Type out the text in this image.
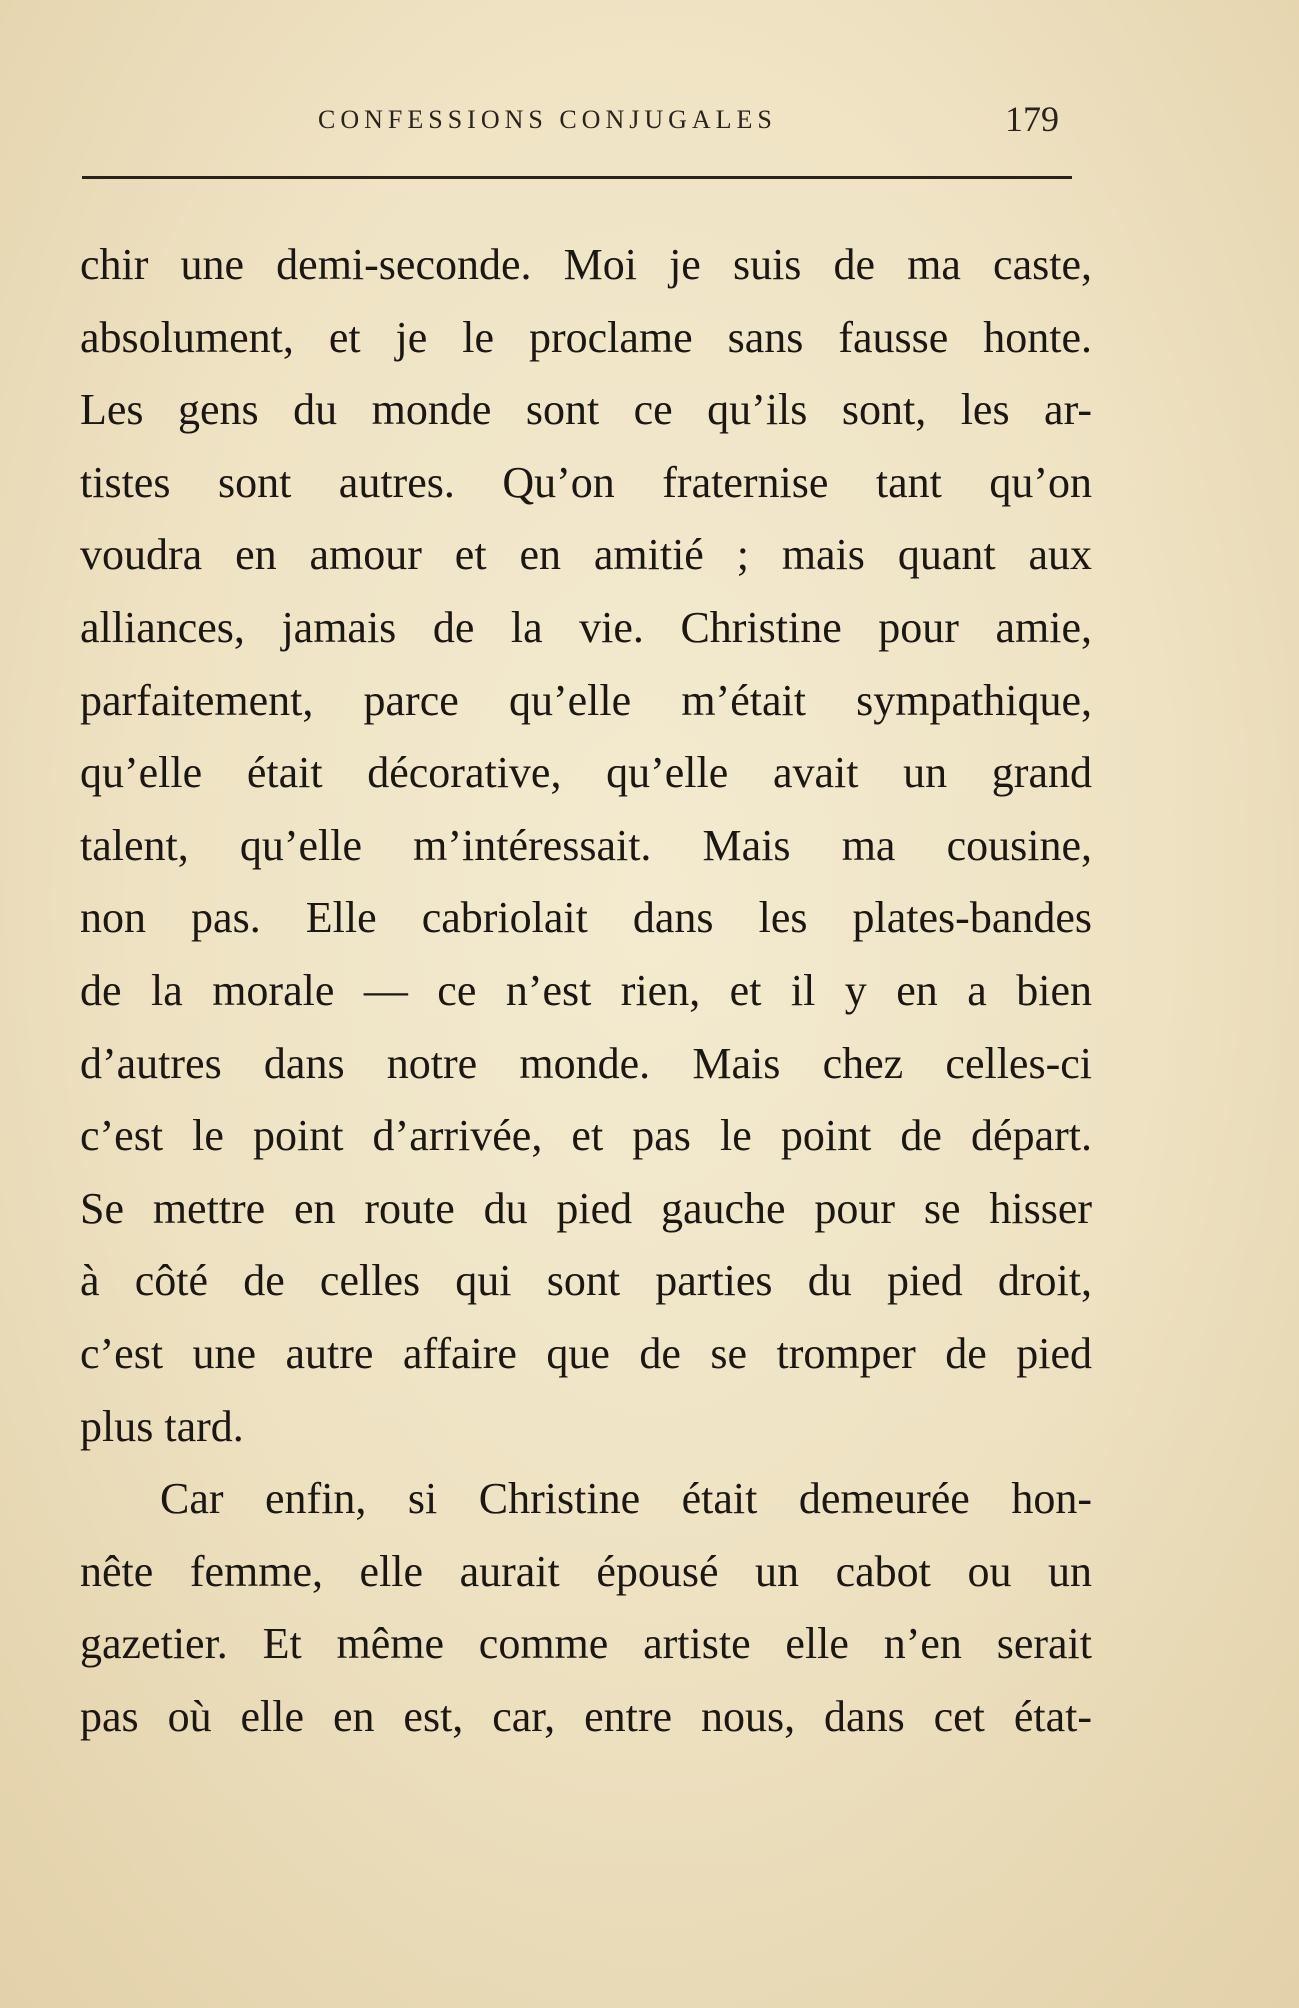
CONFESSIONS CONJUGALES	179
chir une demi-seconde. Moi je suis de ma caste,
absolument, et je le proclame sans fausse honte.
Les gens du monde sont ce qu’ils sont, les ar-
tistes sont autres. Qu’on fraternise tant qu’on
voudra en amour et en amitié ; mais quant aux
alliances, jamais de la vie. Christine pour amie,
parfaitement, parce qu’elle m’était sympathique,
qu’elle était décorative, qu’elle avait un grand
talent, qu’elle m’intéressait. Mais ma cousine,
non pas. Elle cabriolait dans les plates-bandes
de la morale — ce n’est rien, et il y en a bien
d’autres dans notre monde. Mais chez celles-ci
c’est le point d’arrivée, et pas le point de départ.
Se mettre en route du pied gauche pour se hisser
à côté de celles qui sont parties du pied droit,
c’est une autre affaire que de se tromper de pied
plus tard.
Car enfin, si Christine était demeurée hon-
nête femme, elle aurait épousé un cabot ou un
gazetier. Et même comme artiste elle n’en serait
pas où elle en est, car, entre nous, dans cet état-
